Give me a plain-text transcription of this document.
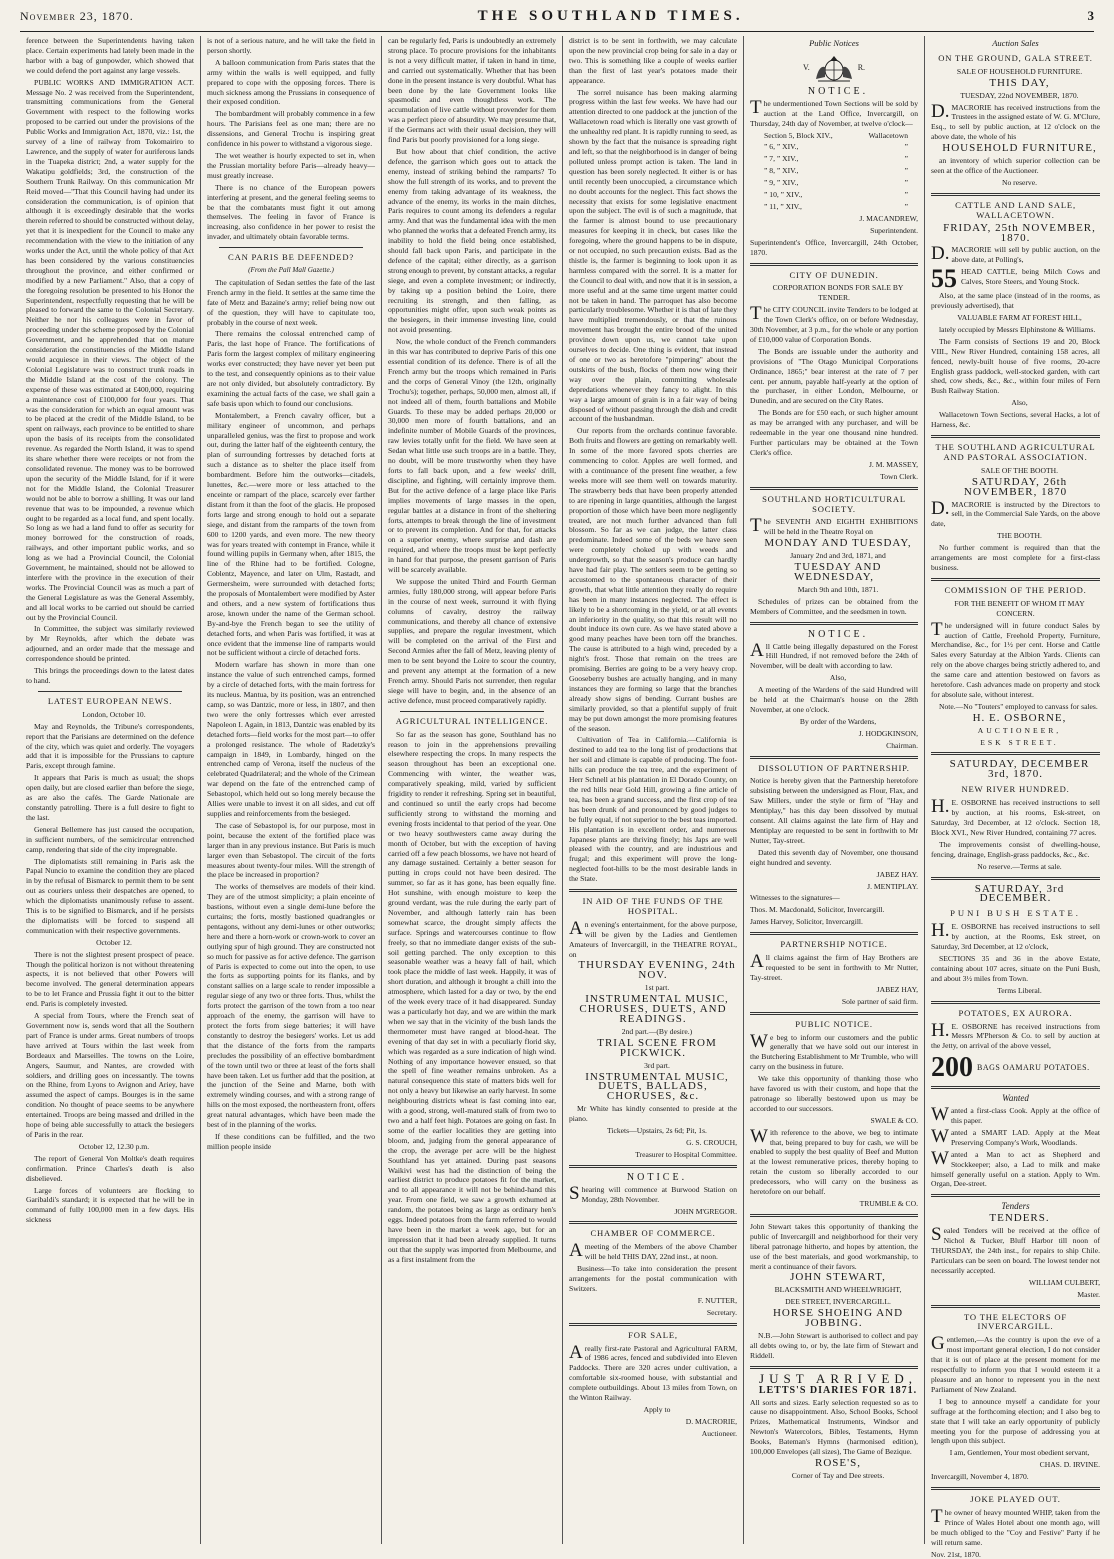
November 23, 1870.	THE SOUTHLAND TIMES.	3

ference between the Superintendents having taken place. Certain experiments had lately been made in the harbor with a bag of gunpowder, which showed that we could defend the port against any large vessels.

PUBLIC WORKS AND IMMIGRATION ACT. Message No. 2 was received from the Superintendent, transmitting communications from the General Government with respect to the following works proposed to be carried out under the provisions of the Public Works and Immigration Act, 1870, viz.: 1st, the survey of a line of railway from Tokomairiro to Lawrence, and the supply of water for auriferous lands in the Tuapeka district; 2nd, a water supply for the Wakatipu goldfields; 3rd, the construction of the Southern Trunk Railway. On this communication Mr Reid moved—"That this Council having had under its consideration the communication, is of opinion that although it is exceedingly desirable that the works therein referred to should be constructed without delay, yet that it is inexpedient for the Council to make any recommendation with the view to the initiation of any works under the Act, until the whole policy of that Act has been considered by the various constituencies throughout the province, and either confirmed or modified by a new Parliament." Also, that a copy of the foregoing resolution be presented to his Honor the Superintendent, respectfully requesting that he will be pleased to forward the same to the Colonial Secretary. Neither he nor his colleagues were in favor of proceeding under the scheme proposed by the Colonial Government, and he apprehended that on mature consideration the constituencies of the Middle Island would acquiesce in their views. The object of the Colonial Legislature was to construct trunk roads in the Middle Island at the cost of the colony. The expense of these was estimated at £400,000, requiring a maintenance cost of £100,000 for four years. That was the consideration for which an equal amount was to be placed at the credit of the Middle Island, to be spent on railways, each province to be entitled to share upon the basis of its receipts from the consolidated revenue. As regarded the North Island, it was to spend its share whether there were receipts or not from the consolidated revenue. The money was to be borrowed upon the security of the Middle Island, for if it were not for the Middle Island, the Colonial Treasurer would not be able to borrow a shilling. It was our land revenue that was to be impounded, a revenue which ought to be regarded as a local fund, and spent locally. So long as we had a land fund to offer as security for money borrowed for the construction of roads, railways, and other important public works, and so long as we had a Provincial Council, the Colonial Government, he maintained, should not be allowed to interfere with the province in the execution of their works. The Provincial Council was as much a part of the General Legislature as was the General Assembly, and all local works to be carried out should be carried out by the Provincial Council.

In Committee, the subject was similarly reviewed by Mr Reynolds, after which the debate was adjourned, and an order made that the message and correspondence should be printed.

This brings the proceedings down to the latest dates to hand.

LATEST EUROPEAN NEWS.

London, October 10.

May and Reynolds, the Tribune's correspondents, report that the Parisians are determined on the defence of the city, which was quiet and orderly. The voyagers add that it is impossible for the Prussians to capture Paris, except through famine.

It appears that Paris is much as usual; the shops open daily, but are closed earlier than before the siege, as are also the cafés. The Garde Nationale are constantly patrolling. There is a full desire to fight to the last.

General Bellemere has just caused the occupation, in sufficient numbers, of the semicircular entrenched camp, rendering that side of the city impregnable.

The diplomatists still remaining in Paris ask the Papal Nuncio to examine the condition they are placed in by the refusal of Bismarck to permit them to be sent out as couriers unless their despatches are opened, to which the diplomatists unanimously refuse to assent. This is to be signified to Bismarck, and if he persists the diplomatists will be forced to suspend all communication with their respective governments.

October 12.

There is not the slightest present prospect of peace. Though the political horizon is not without threatening aspects, it is not believed that other Powers will become involved. The general determination appears to be to let France and Prussia fight it out to the bitter end. Paris is completely invested.

A special from Tours, where the French seat of Government now is, sends word that all the Southern part of France is under arms. Great numbers of troops have arrived at Tours within the last week from Bordeaux and Marseilles. The towns on the Loire, Angers, Saumur, and Nantes, are crowded with soldiers, and drilling goes on incessantly. The towns on the Rhine, from Lyons to Avignon and Ariey, have assumed the aspect of camps. Bourges is in the same condition. No thought of peace seems to be anywhere entertained. Troops are being massed and drilled in the hope of being able successfully to attack the besiegers of Paris in the rear.

October 12, 12.30 p.m.

The report of General Von Moltke's death requires confirmation. Prince Charles's death is also disbelieved.

Large forces of volunteers are flocking to Garibaldi's standard; it is expected that he will be in command of fully 100,000 men in a few days. His sickness

is not of a serious nature, and he will take the field in person shortly.

A balloon communication from Paris states that the army within the walls is well equipped, and fully prepared to cope with the opposing forces. There is much sickness among the Prussians in consequence of their exposed condition.

The bombardment will probably commence in a few hours. The Parisians feel as one man; there are no dissensions, and General Trochu is inspiring great confidence in his power to withstand a vigorous siege.

The wet weather is hourly expected to set in, when the Prussian mortality before Paris—already heavy—must greatly increase.

There is no chance of the European powers interfering at present, and the general feeling seems to be that the combatants must fight it out among themselves. The feeling in favor of France is increasing, also confidence in her power to resist the invader, and ultimately obtain favorable terms.

CAN PARIS BE DEFENDED?
(From the Pall Mall Gazette.)

The capitulation of Sedan settles the fate of the last French army in the field. It settles at the same time the fate of Metz and Bazaine's army; relief being now out of the question, they will have to capitulate too, probably in the course of next week.

There remains the colossal entrenched camp of Paris, the last hope of France. The fortifications of Paris form the largest complex of military engineering works ever constructed; they have never yet been put to the test, and consequently opinions as to their value are not only divided, but absolutely contradictory. By examining the actual facts of the case, we shall gain a safe basis upon which to found our conclusions.

Montalembert, a French cavalry officer, but a military engineer of uncommon, and perhaps unparalleled genius, was the first to propose and work out, during the latter half of the eighteenth century, the plan of surrounding fortresses by detached forts at such a distance as to shelter the place itself from bombardment. Before him the outworks—citadels, lunettes, &c.—were more or less attached to the enceinte or rampart of the place, scarcely ever farther distant from it than the foot of the glacis. He proposed forts large and strong enough to hold out a separate siege, and distant from the ramparts of the town from 600 to 1200 yards, and even more. The new theory was for years treated with contempt in France, while it found willing pupils in Germany when, after 1815, the line of the Rhine had to be fortified. Cologne, Coblentz, Mayence, and later on Ulm, Rastadt, and Germersheim, were surrounded with detached forts; the proposals of Montalembert were modified by Aster and others, and a new system of fortifications thus arose, known under the name of the German school. By-and-bye the French began to see the utility of detached forts, and when Paris was fortified, it was at once evident that the immense line of ramparts would not be sufficient without a circle of detached forts.

Modern warfare has shown in more than one instance the value of such entrenched camps, formed by a circle of detached forts, with the main fortress for its nucleus. Mantua, by its position, was an entrenched camp, so was Dantzic, more or less, in 1807, and then two were the only fortresses which ever arrested Napoleon I. Again, in 1813, Dantzic was enabled by its detached forts—field works for the most part—to offer a prolonged resistance. The whole of Radetzky's campaign in 1849, in Lombardy, hinged on the entrenched camp of Verona, itself the nucleus of the celebrated Quadrilateral; and the whole of the Crimean war depend on the fate of the entrenched camp of Sebastopol, which held out so long merely because the Allies were unable to invest it on all sides, and cut off supplies and reinforcements from the besieged.

The case of Sebastopol is, for our purpose, most in point, because the extent of the fortified place was larger than in any previous instance. But Paris is much larger even than Sebastopol. The circuit of the forts measures about twenty-four miles. Will the strength of the place be increased in proportion?

The works of themselves are models of their kind. They are of the utmost simplicity; a plain enceinte of bastions, without even a single demi-lune before the curtains; the forts, mostly bastioned quadrangles or pentagons, without any demi-lunes or other outworks; here and there a horn-work or crown-work to cover an outlying spur of high ground. They are constructed not so much for passive as for active defence. The garrison of Paris is expected to come out into the open, to use the forts as supporting points for its flanks, and by constant sallies on a large scale to render impossible a regular siege of any two or three forts. Thus, whilst the forts protect the garrison of the town from a too near approach of the enemy, the garrison will have to protect the forts from siege batteries; it will have constantly to destroy the besiegers' works. Let us add that the distance of the forts from the ramparts precludes the possibility of an effective bombardment of the town until two or three at least of the forts shall have been taken. Let us further add that the position, at the junction of the Seine and Marne, both with extremely winding courses, and with a strong range of hills on the most exposed, the northeastern front, offers great natural advantages, which have been made the best of in the planning of the works.

If these conditions can be fulfilled, and the two million people inside

can be regularly fed, Paris is undoubtedly an extremely strong place. To procure provisions for the inhabitants is not a very difficult matter, if taken in hand in time, and carried out systematically. Whether that has been done in the present instance is very doubtful. What has been done by the late Government looks like spasmodic and even thoughtless work. The accumulation of live cattle without provender for them was a perfect piece of absurdity. We may presume that, if the Germans act with their usual decision, they will find Paris but poorly provisioned for a long siege.

But how about that chief condition, the active defence, the garrison which goes out to attack the enemy, instead of striking behind the ramparts? To show the full strength of its works, and to prevent the enemy from taking advantage of its weakness, the advance of the enemy, its works in the main ditches, Paris requires to count among its defenders a regular army. And that was the fundamental idea with the men who planned the works that a defeated French army, its inability to hold the field being once established, should fall back upon Paris, and participate in the defence of the capital; either directly, as a garrison strong enough to prevent, by constant attacks, a regular siege, and even a complete investment; or indirectly, by taking up a position behind the Loire, there recruiting its strength, and then falling, as opportunities might offer, upon such weak points as the besiegers, in their immense investing line, could not avoid presenting.

Now, the whole conduct of the French commanders in this war has contributed to deprive Paris of this one essential condition of its defence. There is of all the French army but the troops which remained in Paris and the corps of General Vinoy (the 12th, originally Trochu's); together, perhaps, 50,000 men, almost all, if not indeed all of them, fourth battalions and Mobile Guards. To these may be added perhaps 20,000 or 30,000 men more of fourth battalions, and an indefinite number of Mobile Guards of the provinces, raw levies totally unfit for the field. We have seen at Sedan what little use such troops are in a battle. They, no doubt, will be more trustworthy when they have forts to fall back upon, and a few weeks' drill, discipline, and fighting, will certainly improve them. But for the active defence of a large place like Paris implies movements of large masses in the open, regular battles at a distance in front of the sheltering forts, attempts to break through the line of investment or to prevent its completion. And for that, for attacks on a superior enemy, where surprise and dash are required, and where the troops must be kept perfectly in hand for that purpose, the present garrison of Paris will be scarcely available.

We suppose the united Third and Fourth German armies, fully 180,000 strong, will appear before Paris in the course of next week, surround it with flying columns of cavalry, destroy the railway communications, and thereby all chance of extensive supplies, and prepare the regular investment, which will be completed on the arrival of the First and Second Armies after the fall of Metz, leaving plenty of men to be sent beyond the Loire to scour the country, and prevent any attempt at the formation of a new French army. Should Paris not surrender, then regular siege will have to begin, and, in the absence of an active defence, must proceed comparatively rapidly.

AGRICULTURAL INTELLIGENCE.

So far as the season has gone, Southland has no reason to join in the apprehensions prevailing elsewhere respecting the crops. In many respects the season throughout has been an exceptional one. Commencing with winter, the weather was, comparatively speaking, mild, varied by sufficient frigidity to render it refreshing. Spring set in beautiful, and continued so until the early crops had become sufficiently strong to withstand the morning and evening frosts incidental to that period of the year. One or two heavy southwesters came away during the month of October, but with the exception of having carried off a few peach blossoms, we have not heard of any damage sustained. Certainly a better season for putting in crops could not have been desired. The summer, so far as it has gone, has been equally fine. Hot sunshine, with enough moisture to keep the ground verdant, was the rule during the early part of November, and although latterly rain has been somewhat scarce, the drought simply affects the surface. Springs and watercourses continue to flow freely, so that no immediate danger exists of the sub-soil getting parched. The only exception to this seasonable weather was a heavy fall of hail, which took place the middle of last week. Happily, it was of short duration, and although it brought a chill into the atmosphere, which lasted for a day or two, by the end of the week every trace of it had disappeared. Sunday was a particularly hot day, and we are within the mark when we say that in the vicinity of the bush lands the thermometer must have ranged at blood-heat. The evening of that day set in with a peculiarly florid sky, which was regarded as a sure indication of high wind. Nothing of any importance however ensued, so that the spell of fine weather remains unbroken. As a natural consequence this state of matters bids well for not only a heavy but likewise an early harvest. In some neighbouring districts wheat is fast coming into ear, with a good, strong, well-matured stalk of from two to two and a half feet high. Potatoes are going on fast. In some of the earlier localities they are getting into bloom, and, judging from the general appearance of the crop, the average per acre will be the highest Southland has yet attained. During past seasons Waikivi west has had the distinction of being the earliest district to produce potatoes fit for the market, and to all appearance it will not be behind-hand this year. From one field, we saw a growth exhumed at random, the potatoes being as large as ordinary hen's eggs. Indeed potatoes from the farm referred to would have been in the market a week ago, but for an impression that it had been already supplied. It turns out that the supply was imported from Melbourne, and as a first instalment from the

district is to be sent in forthwith, we may calculate upon the new provincial crop being for sale in a day or two. This is something like a couple of weeks earlier than the first of last year's potatoes made their appearance.

The sorrel nuisance has been making alarming progress within the last few weeks. We have had our attention directed to one paddock at the junction of the Wallacetown road which is literally one vast growth of the unhealthy red plant. It is rapidly running to seed, as shown by the fact that the nuisance is spreading right and left, so that the neighborhood is in danger of being polluted unless prompt action is taken. The land in question has been sorely neglected. It either is or has until recently been unoccupied, a circumstance which no doubt accounts for the neglect. This fact shows the necessity that exists for some legislative enactment upon the subject. The evil is of such a magnitude, that the farmer is almost bound to use precautionary measures for keeping it in check, but cases like the foregoing, where the ground happens to be in dispute, or not occupied, no such precaution exists. Bad as the thistle is, the farmer is beginning to look upon it as harmless compared with the sorrel. It is a matter for the Council to deal with, and now that it is in session, a more useful and at the same time urgent matter could not be taken in hand. The parroquet has also become particularly troublesome. Whether it is that of late they have multiplied tremendously, or that the ruinous movement has brought the entire brood of the united province down upon us, we cannot take upon ourselves to decide. One thing is evident, that instead of one or two as heretofore "pimpering" about the outskirts of the bush, flocks of them now wing their way over the plain, committing wholesale depredations whenever they fancy to alight. In this way a large amount of grain is in a fair way of being disposed of without passing through the dish and credit account of the husbandman.

Our reports from the orchards continue favorable. Both fruits and flowers are getting on remarkably well. In some of the more favored spots cherries are commencing to color. Apples are well formed, and with a continuance of the present fine weather, a few weeks more will see them well on towards maturity. The strawberry beds that have been properly attended to are ripening in large quantities, although the largest proportion of those which have been more negligently treated, are not much further advanced than full blossom. So far as we can judge, the latter class predominate. Indeed some of the beds we have seen were completely choked up with weeds and undergrowth, so that the season's produce can hardly have had fair play. The settlers seem to be getting so accustomed to the spontaneous character of their growth, that what little attention they really do require has been in many instances neglected. The effect is likely to be a shortcoming in the yield, or at all events an inferiority in the quality, so that this result will no doubt induce its own cure. As we have stated above a good many peaches have been torn off the branches. The cause is attributed to a high wind, preceded by a night's frost. Those that remain on the trees are promising. Berries are going to be a very heavy crop. Gooseberry bushes are actually hanging, and in many instances they are forming so large that the branches already show signs of bending. Currant bushes are similarly provided, so that a plentiful supply of fruit may be put down amongst the more promising features of the season.

Cultivation of Tea in California.—California is destined to add tea to the long list of productions that her soil and climate is capable of producing. The foot-hills can produce the tea tree, and the experiment of Herr Schnell at his plantation in El Dorado County, on the red hills near Gold Hill, growing a fine article of tea, has been a grand success, and the first crop of tea has been drunk of and pronounced by good judges to be fully equal, if not superior to the best teas imported. His plantation is in excellent order, and numerous Japanese plants are thriving finely; his Japs are well pleased with the country, and are industrious and frugal; and this experiment will prove the long-neglected foot-hills to be the most desirable lands in the State.

IN AID OF THE FUNDS OF THE HOSPITAL.

An evening's entertainment, for the above purpose, will be given by the Ladies and Gentlemen Amateurs of Invercargill, in the THEATRE ROYAL, on

THURSDAY EVENING, 24th NOV.

1st part.

INSTRUMENTAL MUSIC, CHORUSES, DUETS, AND READINGS.

2nd part.—(By desire.)

TRIAL SCENE FROM PICKWICK.

3rd part.

INSTRUMENTAL MUSIC, DUETS, BALLADS, CHORUSES, &c.

Mr White has kindly consented to preside at the piano.

Tickets—Upstairs, 2s 6d; Pit, 1s.

G. S. CROUCH,

Treasurer to Hospital Committee.

NOTICE.

Shearing will commence at Burwood Station on Monday, 28th November.

JOHN M'GREGOR.

CHAMBER OF COMMERCE.

Ameeting of the Members of the above Chamber will be held THIS DAY, 22nd inst., at noon.

Business—To take into consideration the present arrangements for the postal communication with Switzers.

F. NUTTER,

Secretary.

FOR SALE,

Areally first-rate Pastoral and Agricultural FARM, of 1986 acres, fenced and subdivided into Eleven Paddocks. There are 320 acres under cultivation, a comfortable six-roomed house, with substantial and complete outbuildings. About 13 miles from Town, on the Winton Railway.

Apply to

D. MACRORIE,

Auctioneer.

Public Notices
V.	R.

NOTICE.

The undermentioned Town Sections will be sold by auction at the Land Office, Invercargill, on Thursday, 24th day of November, at twelve o'clock—

Section 5, Block XIV.,	Wallacetown

” 6, ” XIV.,	”

” 7, ” XIV.,	”

” 8, ” XIV.,	”

” 9, ” XIV.,	”

” 10, ” XIV.,	”

” 11, ” XIV.,	”

J. MACANDREW,

Superintendent.

Superintendent's Office, Invercargill, 24th October, 1870.

CITY OF DUNEDIN.

CORPORATION BONDS FOR SALE BY TENDER.

The CITY COUNCIL invite Tenders to be lodged at the Town Clerk's office, on or before Wednesday, 30th November, at 3 p.m., for the whole or any portion of £10,000 value of Corporation Bonds.

The Bonds are issuable under the authority and provisions of "The Otago Municipal Corporations Ordinance, 1865;" bear interest at the rate of 7 per cent. per annum, payable half-yearly at the option of the purchaser, in either London, Melbourne, or Dunedin, and are secured on the City Rates.

The Bonds are for £50 each, or such higher amount as may be arranged with any purchaser, and will be redeemable in the year one thousand nine hundred. Further particulars may be obtained at the Town Clerk's office.

J. M. MASSEY,

Town Clerk.

SOUTHLAND HORTICULTURAL SOCIETY.

The SEVENTH AND EIGHTH EXHIBITIONS will be held in the Theatre Royal on

MONDAY AND TUESDAY,

January 2nd and 3rd, 1871, and

TUESDAY AND WEDNESDAY,

March 9th and 10th, 1871.

Schedules of prizes can be obtained from the Members of Committee, and the seedsmen in town.

NOTICE.

All Cattle being illegally depastured on the Forest Hill Hundred, if not removed before the 24th of November, will be dealt with according to law.

Also,

A meeting of the Wardens of the said Hundred will be held at the Chairman's house on the 28th November, at one o'clock.

By order of the Wardens,

J. HODGKINSON,

Chairman.

DISSOLUTION OF PARTNERSHIP.

Notice is hereby given that the Partnership heretofore subsisting between the undersigned as Flour, Flax, and Saw Millers, under the style or firm of "Hay and Mentiplay," has this day been dissolved by mutual consent. All claims against the late firm of Hay and Mentiplay are requested to be sent in forthwith to Mr Nutter, Tay-street.

Dated this seventh day of November, one thousand eight hundred and seventy.

JABEZ HAY.

J. MENTIPLAY.

Witnesses to the signatures—

Thos. M. Macdonald, Solicitor, Invercargill.

James Harvey, Solicitor, Invercargill.

PARTNERSHIP NOTICE.

All claims against the firm of Hay Brothers are requested to be sent in forthwith to Mr Nutter, Tay-street.

JABEZ HAY,

Sole partner of said firm.

PUBLIC NOTICE.

We beg to inform our customers and the public generally that we have sold out our interest in the Butchering Establishment to Mr Trumble, who will carry on the business in future.

We take this opportunity of thanking those who have favored us with their custom, and hope that the patronage so liberally bestowed upon us may be accorded to our successors.

SWALE & CO.

With reference to the above, we beg to intimate that, being prepared to buy for cash, we will be enabled to supply the best quality of Beef and Mutton at the lowest remunerative prices, thereby hoping to retain the custom so liberally accorded to our predecessors, who will carry on the business as heretofore on our behalf.

TRUMBLE & CO.

John Stewart takes this opportunity of thanking the public of Invercargill and neighborhood for their very liberal patronage hitherto, and hopes by attention, the use of the best materials, and good workmanship, to merit a continuance of their favors.

JOHN STEWART,

BLACKSMITH AND WHEELWRIGHT,

DEE STREET, INVERCARGILL.

HORSE SHOEING AND JOBBING.

N.B.—John Stewart is authorised to collect and pay all debts owing to, or by, the late firm of Stewart and Riddell.

JUST ARRIVED,

LETTS'S DIARIES FOR 1871.

All sorts and sizes. Early selection requested so as to cause no disappointment. Also, School Books, School Prizes, Mathematical Instruments, Windsor and Newton's Watercolors, Bibles, Testaments, Hymn Books, Bateman's Hymns (harmonised edition), 100,000 Envelopes (all sizes), The Game of Bezique.

ROSE'S,

Corner of Tay and Dee streets.

Auction Sales
ON THE GROUND, GALA STREET.

SALE OF HOUSEHOLD FURNITURE.

THIS DAY,

TUESDAY, 22nd NOVEMBER, 1870.

D.MACRORIE has received instructions from the Trustees in the assigned estate of W. G. M'Clure, Esq., to sell by public auction, at 12 o'clock on the above date, the whole of his

HOUSEHOLD FURNITURE,

an inventory of which superior collection can be seen at the office of the Auctioneer.

No reserve.

CATTLE AND LAND SALE, WALLACETOWN.

FRIDAY, 25th NOVEMBER, 1870.

D.MACRORIE will sell by public auction, on the above date, at Polling's,

55 HEAD CATTLE, being Milch Cows and Calves, Store Steers, and Young Stock.

Also, at the same place (instead of in the rooms, as previously advertised), that

VALUABLE FARM AT FOREST HILL,

lately occupied by Messrs Elphinstone & Williams.

The Farm consists of Sections 19 and 20, Block VIII., New River Hundred, containing 158 acres, all fenced, newly-built house of five rooms, 20-acre English grass paddock, well-stocked garden, with cart shed, cow sheds, &c., &c., within four miles of Fern Bush Railway Station.

Also,

Wallacetown Town Sections, several Hacks, a lot of Harness, &c.

THE SOUTHLAND AGRICULTURAL AND PASTORAL ASSOCIATION.

SALE OF THE BOOTH.

SATURDAY, 26th NOVEMBER, 1870

D.MACRORIE is instructed by the Directors to sell, in the Commercial Sale Yards, on the above date,

THE BOOTH.

No further comment is required than that the arrangements are most complete for a first-class business.

COMMISSION OF THE PERIOD.

FOR THE BENEFIT OF WHOM IT MAY CONCERN.

The undersigned will in future conduct Sales by auction of Cattle, Freehold Property, Furniture, Merchandise, &c., for 1½ per cent. Horse and Cattle Sales every Saturday at the Albion Yards. Clients can rely on the above charges being strictly adhered to, and the same care and attention bestowed on favors as heretofore. Cash advances made on property and stock for absolute sale, without interest.

Note.—No "Touters" employed to canvass for sales.

H. E. OSBORNE,

AUCTIONEER,

ESK STREET.

SATURDAY, DECEMBER 3rd, 1870.

NEW RIVER HUNDRED.

H.E. OSBORNE has received instructions to sell by auction, at his rooms, Esk-street, on Saturday, 3rd December, at 12 o'clock. Section 18, Block XVI., New River Hundred, containing 77 acres.

The improvements consist of dwelling-house, fencing, drainage, English-grass paddocks, &c., &c.

No reserve.—Terms at sale.

SATURDAY, 3rd DECEMBER.

PUNI BUSH ESTATE.

H.E. OSBORNE has received instructions to sell by auction, at the Rooms, Esk street, on Saturday, 3rd December, at 12 o'clock,

SECTIONS 35 and 36 in the above Estate, containing about 107 acres, situate on the Puni Bush, and about 3½ miles from Town.

Terms Liberal.

POTATOES, EX AURORA.

H.E. OSBORNE has received instructions from Messrs M'Pherson & Co. to sell by auction at the Jetty, on arrival of the above vessel,

200 BAGS OAMARU POTATOES.
Wanted

Wanted a first-class Cook. Apply at the office of this paper.

Wanted a SMART LAD. Apply at the Meat Preserving Company's Work, Woodlands.

Wanted a Man to act as Shepherd and Stockkeeper; also, a Lad to milk and make himself generally useful on a station. Apply to Wm. Organ, Dee-street.

Tenders

TENDERS.

Sealed Tenders will be received at the office of Nichol & Tucker, Bluff Harbor till noon of THURSDAY, the 24th inst., for repairs to ship Chile. Particulars can be seen on board. The lowest tender not necessarily accepted.

WILLIAM CULBERT,

Master.

TO THE ELECTORS OF INVERCARGILL.

Gentlemen,—As the country is upon the eve of a most important general election, I do not consider that it is out of place at the present moment for me respectfully to inform you that I would esteem it a pleasure and an honor to represent you in the next Parliament of New Zealand.

I beg to announce myself a candidate for your suffrage at the forthcoming election; and I also beg to state that I will take an early opportunity of publicly meeting you for the purpose of addressing you at length upon this subject.

I am, Gentlemen, Your most obedient servant,

CHAS. D. IRVINE.

Invercargill, November 4, 1870.

JOKE PLAYED OUT.

The owner of heavy mounted WHIP, taken from the Prince of Wales Hotel about one month ago, will be much obliged to the "Coy and Festive" Party if he will return same.

Nov. 21st, 1870.
